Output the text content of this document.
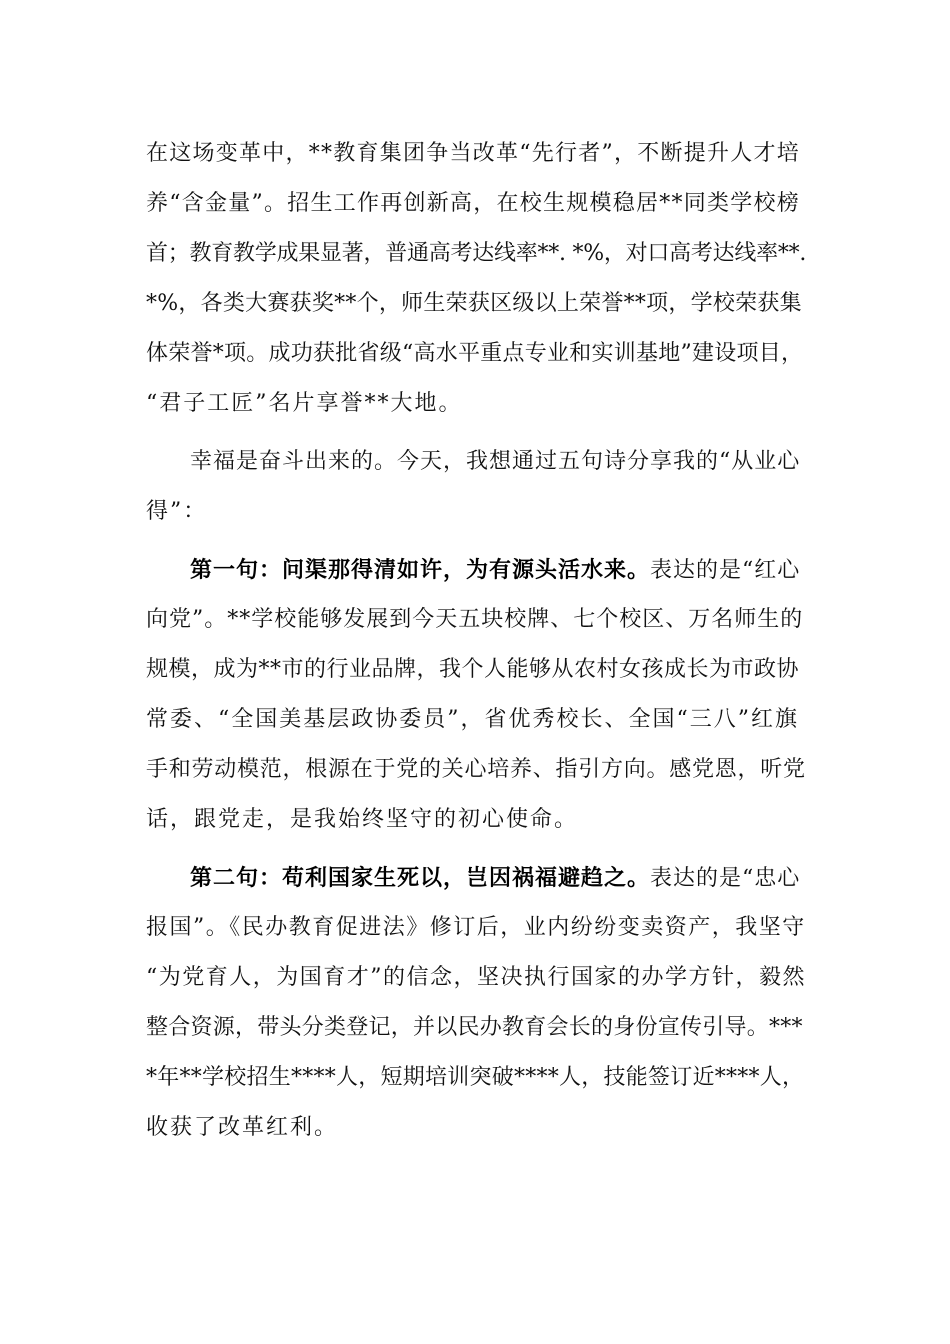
在这场变革中，**教育集团争当改革“先行者”，不断提升人才培
养“含金量”。招生工作再创新高，在校生规模稳居**同类学校榜
首；教育教学成果显著，普通高考达线率**. *%，对口高考达线率**.
*%，各类大赛获奖**个，师生荣获区级以上荣誉**项，学校荣获集
体荣誉*项。成功获批省级“高水平重点专业和实训基地”建设项目，
“君子工匠”名片享誉**大地。
幸福是奋斗出来的。今天，我想通过五句诗分享我的“从业心
得”：
第一句：问渠那得清如许，为有源头活水来。表达的是“红心
向党”。**学校能够发展到今天五块校牌、七个校区、万名师生的
规模，成为**市的行业品牌，我个人能够从农村女孩成长为市政协
常委、“全国美基层政协委员”，省优秀校长、全国“三八”红旗
手和劳动模范，根源在于党的关心培养、指引方向。感党恩，听党
话，跟党走，是我始终坚守的初心使命。
第二句：苟利国家生死以，岂因祸福避趋之。表达的是“忠心
报国”。《民办教育促进法》修订后，业内纷纷变卖资产，我坚守
“为党育人，为国育才”的信念，坚决执行国家的办学方针，毅然
整合资源，带头分类登记，并以民办教育会长的身份宣传引导。***
*年**学校招生****人，短期培训突破****人，技能签订近****人，
收获了改革红利。
